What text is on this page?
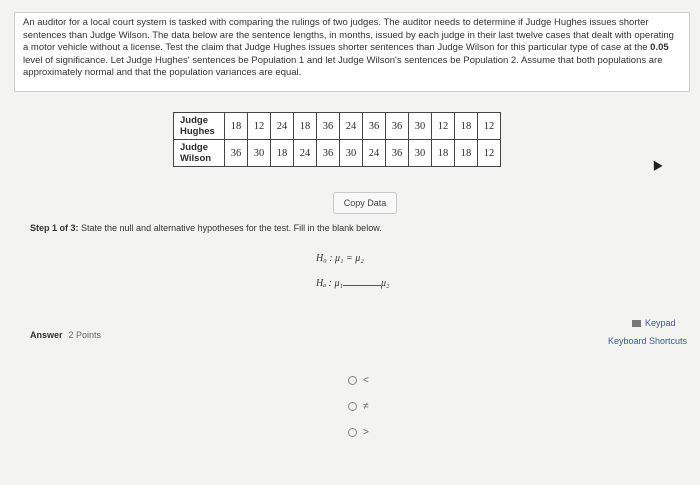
An auditor for a local court system is tasked with comparing the rulings of two judges. The auditor needs to determine if Judge Hughes issues shorter sentences than Judge Wilson. The data below are the sentence lengths, in months, issued by each judge in their last twelve cases that dealt with operating a motor vehicle without a license. Test the claim that Judge Hughes issues shorter sentences than Judge Wilson for this particular type of case at the 0.05 level of significance. Let Judge Hughes' sentences be Population 1 and let Judge Wilson's sentences be Population 2. Assume that both populations are approximately normal and that the population variances are equal.
Judge
Hughes	18	12	24	18	36	24	36	36	30	12	18	12
Judge
Wilson	36	30	18	24	36	30	24	36	30	18	18	12
Copy Data
Step 1 of 3: State the null and alternative hypotheses for the test. Fill in the blank below.
H₀ : μ₁ = μ₂
Hₐ : μ₁	μ₂
Answer 2 Points
Keypad
Keyboard Shortcuts
<
≠
>
